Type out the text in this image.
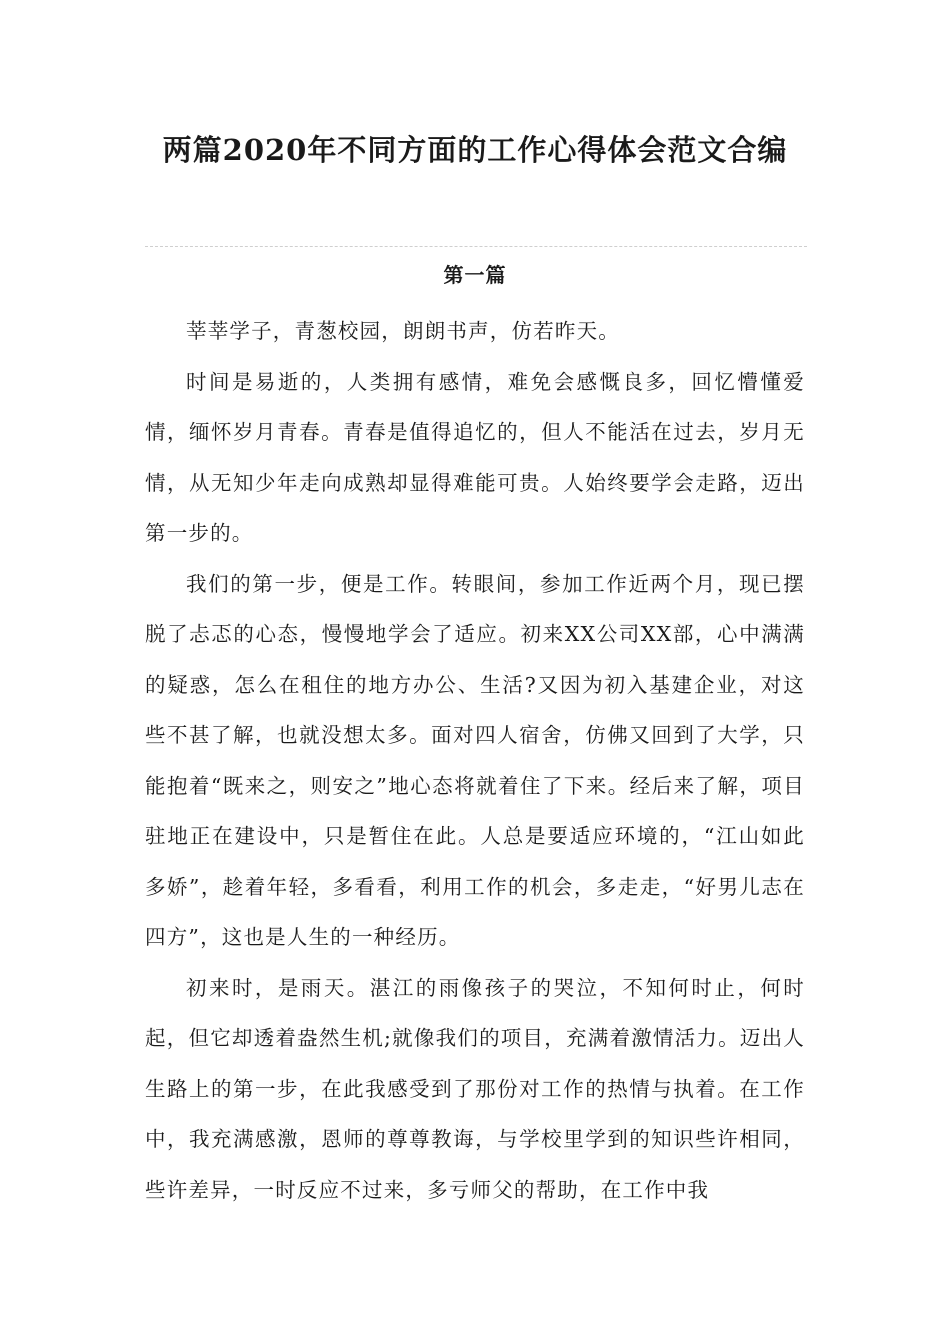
两篇2020年不同方面的工作心得体会范文合编
第一篇

莘莘学子，青葱校园，朗朗书声，仿若昨天。

时间是易逝的，人类拥有感情，难免会感慨良多，回忆懵懂爱情，缅怀岁月青春。青春是值得追忆的，但人不能活在过去，岁月无情，从无知少年走向成熟却显得难能可贵。人始终要学会走路，迈出第一步的。

我们的第一步，便是工作。转眼间，参加工作近两个月，现已摆脱了忐忑的心态，慢慢地学会了适应。初来XX公司XX部，心中满满的疑惑，怎么在租住的地方办公、生活?又因为初入基建企业，对这些不甚了解，也就没想太多。面对四人宿舍，仿佛又回到了大学，只能抱着“既来之，则安之”地心态将就着住了下来。经后来了解，项目驻地正在建设中，只是暂住在此。人总是要适应环境的，“江山如此多娇”，趁着年轻，多看看，利用工作的机会，多走走，“好男儿志在四方”，这也是人生的一种经历。

初来时，是雨天。湛江的雨像孩子的哭泣，不知何时止，何时起，但它却透着盎然生机;就像我们的项目，充满着激情活力。迈出人生路上的第一步，在此我感受到了那份对工作的热情与执着。在工作中，我充满感激，恩师的尊尊教诲，与学校里学到的知识些许相同，些许差异，一时反应不过来，多亏师父的帮助，在工作中我
